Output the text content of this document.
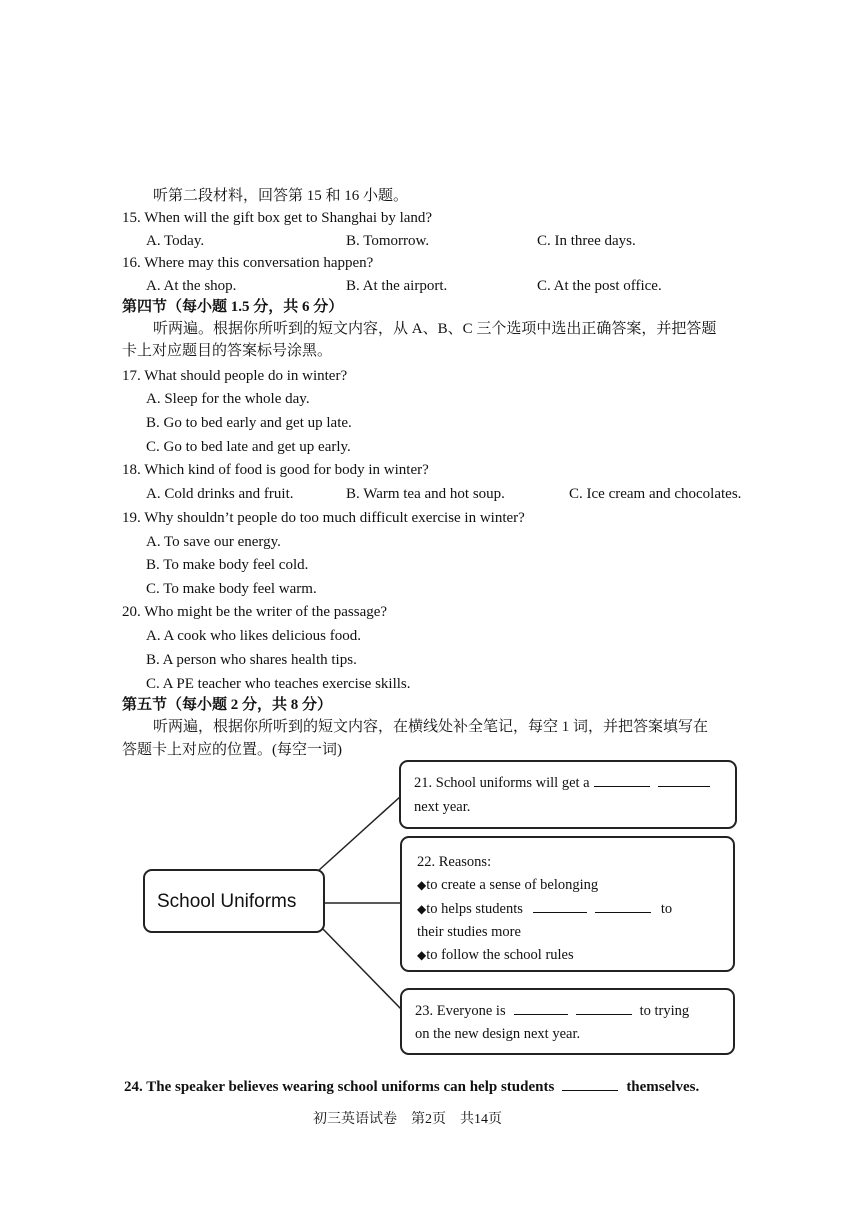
听第二段材料，回答第 15 和 16 小题。
15. When will the gift box get to Shanghai by land?
A. Today.	B. Tomorrow.	C. In three days.
16. Where may this conversation happen?
A. At the shop.	B. At the airport.	C. At the post office.
第四节（每小题 1.5 分，共 6 分）
听两遍。根据你所听到的短文内容，从 A、B、C 三个选项中选出正确答案，并把答题
卡上对应题目的答案标号涂黑。
17. What should people do in winter?
A. Sleep for the whole day.
B. Go to bed early and get up late.
C. Go to bed late and get up early.
18. Which kind of food is good for body in winter?
A. Cold drinks and fruit.	B. Warm tea and hot soup.	C. Ice cream and chocolates.
19. Why shouldn’t people do too much difficult exercise in winter?
A. To save our energy.
B. To make body feel cold.
C. To make body feel warm.
20. Who might be the writer of the passage?
A. A cook who likes delicious food.
B. A person who shares health tips.
C. A PE teacher who teaches exercise skills.
第五节（每小题 2 分，共 8 分）
听两遍，根据你所听到的短文内容，在横线处补全笔记，每空 1 词，并把答案填写在
答题卡上对应的位置。(每空一词)
School Uniforms
21. School uniforms will get a
next year.
22. Reasons:
◆to create a sense of belonging
◆to helps students	to
their studies more
◆to follow the school rules
23. Everyone is	to trying
on the new design next year.
24. The speaker believes wearing school uniforms can help students	themselves.
初三英语试卷　第2页　共14页
